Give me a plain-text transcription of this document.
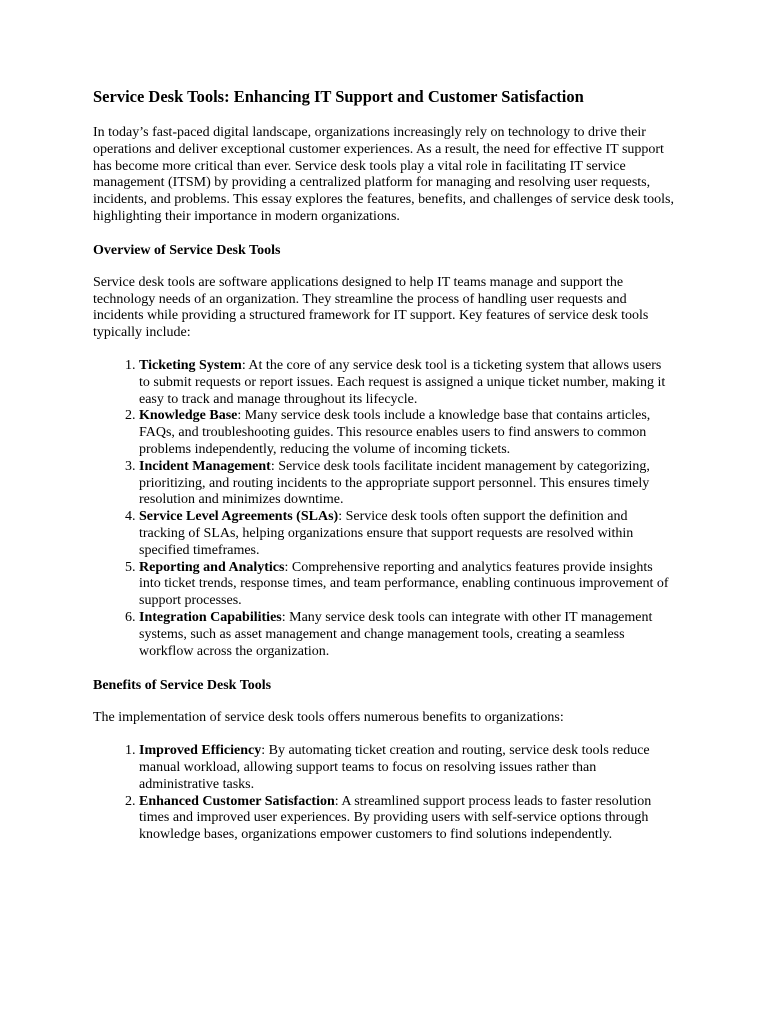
Service Desk Tools: Enhancing IT Support and Customer Satisfaction

In today’s fast-paced digital landscape, organizations increasingly rely on technology to drive their operations and deliver exceptional customer experiences. As a result, the need for effective IT support has become more critical than ever. Service desk tools play a vital role in facilitating IT service management (ITSM) by providing a centralized platform for managing and resolving user requests, incidents, and problems. This essay explores the features, benefits, and challenges of service desk tools, highlighting their importance in modern organizations.

Overview of Service Desk Tools

Service desk tools are software applications designed to help IT teams manage and support the technology needs of an organization. They streamline the process of handling user requests and incidents while providing a structured framework for IT support. Key features of service desk tools typically include:

1. Ticketing System: At the core of any service desk tool is a ticketing system that allows users to submit requests or report issues. Each request is assigned a unique ticket number, making it easy to track and manage throughout its lifecycle.
2. Knowledge Base: Many service desk tools include a knowledge base that contains articles, FAQs, and troubleshooting guides. This resource enables users to find answers to common problems independently, reducing the volume of incoming tickets.
3. Incident Management: Service desk tools facilitate incident management by categorizing, prioritizing, and routing incidents to the appropriate support personnel. This ensures timely resolution and minimizes downtime.
4. Service Level Agreements (SLAs): Service desk tools often support the definition and tracking of SLAs, helping organizations ensure that support requests are resolved within specified timeframes.
5. Reporting and Analytics: Comprehensive reporting and analytics features provide insights into ticket trends, response times, and team performance, enabling continuous improvement of support processes.
6. Integration Capabilities: Many service desk tools can integrate with other IT management systems, such as asset management and change management tools, creating a seamless workflow across the organization.
Benefits of Service Desk Tools

The implementation of service desk tools offers numerous benefits to organizations:

1. Improved Efficiency: By automating ticket creation and routing, service desk tools reduce manual workload, allowing support teams to focus on resolving issues rather than administrative tasks.
2. Enhanced Customer Satisfaction: A streamlined support process leads to faster resolution times and improved user experiences. By providing users with self-service options through knowledge bases, organizations empower customers to find solutions independently.
